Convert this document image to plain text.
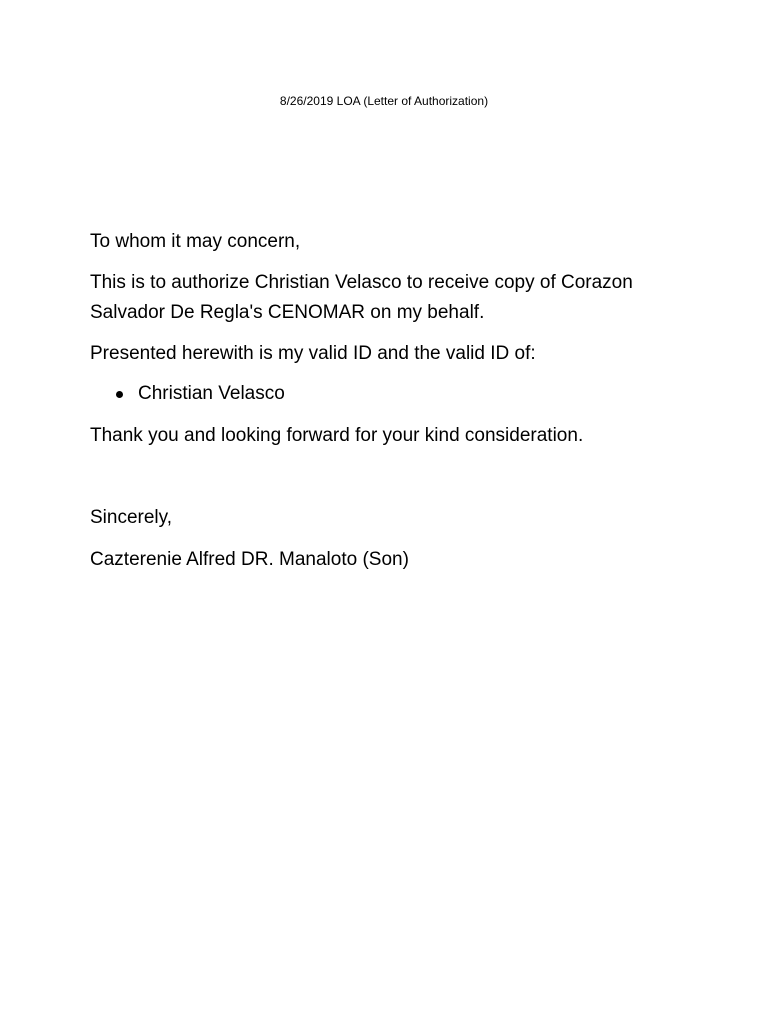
8/26/2019 LOA (Letter of Authorization)

To whom it may concern,

This is to authorize Christian Velasco to receive copy of Corazon Salvador De Regla's CENOMAR on my behalf.

Presented herewith is my valid ID and the valid ID of:

Christian Velasco

Thank you and looking forward for your kind consideration.

Sincerely,

Cazterenie Alfred DR. Manaloto (Son)
